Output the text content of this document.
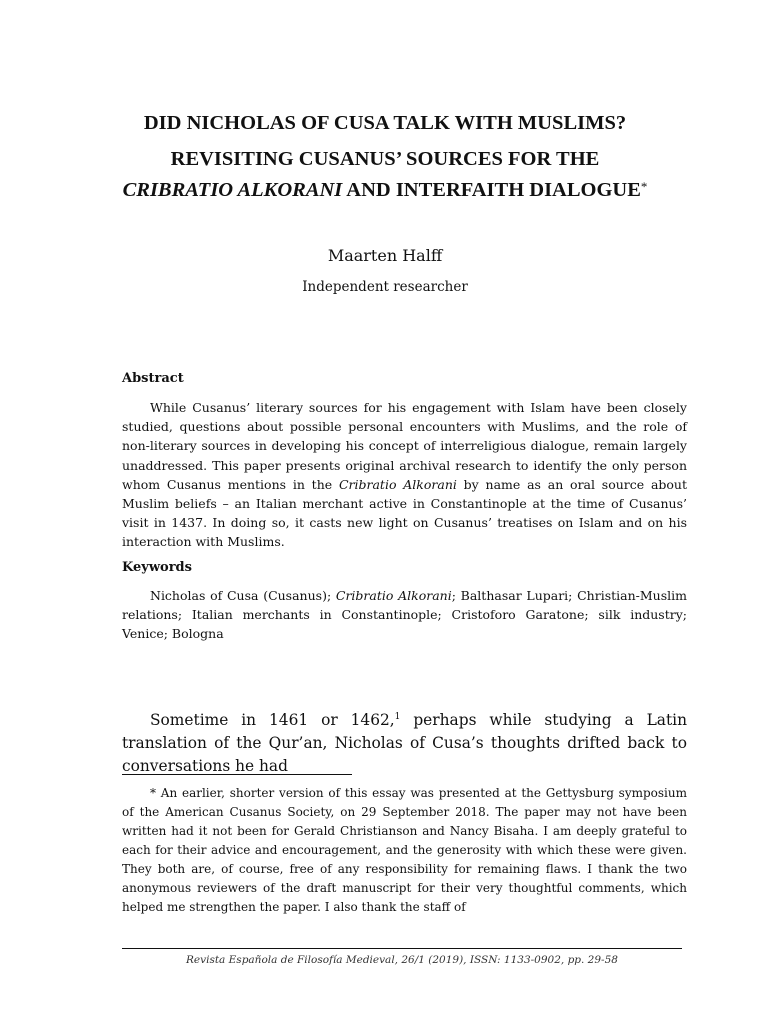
DID NICHOLAS OF CUSA TALK WITH MUSLIMS?
REVISITING CUSANUS’ SOURCES FOR THE
CRIBRATIO ALKORANI AND INTERFAITH DIALOGUE*

Maarten Halff

Independent researcher

Abstract

While Cusanus’ literary sources for his engagement with Islam have been closely studied, questions about possible personal encounters with Muslims, and the role of non-literary sources in developing his concept of interreligious dialogue, remain largely unaddressed. This paper presents original archival research to identify the only person whom Cusanus mentions in the Cribratio Alkorani by name as an oral source about Muslim beliefs – an Italian merchant active in Constantinople at the time of Cusanus’ visit in 1437. In doing so, it casts new light on Cusanus’ treatises on Islam and on his interaction with Muslims.

Keywords

Nicholas of Cusa (Cusanus); Cribratio Alkorani; Balthasar Lupari; Christian-Muslim relations; Italian merchants in Constantinople; Cristoforo Garatone; silk industry; Venice; Bologna

Sometime in 1461 or 1462,$^1$ perhaps while studying a Latin translation of the Qur’an, Nicholas of Cusa’s thoughts drifted back to conversations he had

* An earlier, shorter version of this essay was presented at the Gettysburg symposium of the American Cusanus Society, on 29 September 2018. The paper may not have been written had it not been for Gerald Christianson and Nancy Bisaha. I am deeply grateful to each for their advice and encouragement, and the generosity with which these were given. They both are, of course, free of any responsibility for remaining flaws. I thank the two anonymous reviewers of the draft manuscript for their very thoughtful comments, which helped me strengthen the paper. I also thank the staff of

Revista Española de Filosofía Medieval, 26/1 (2019), ISSN: 1133-0902, pp. 29-58
